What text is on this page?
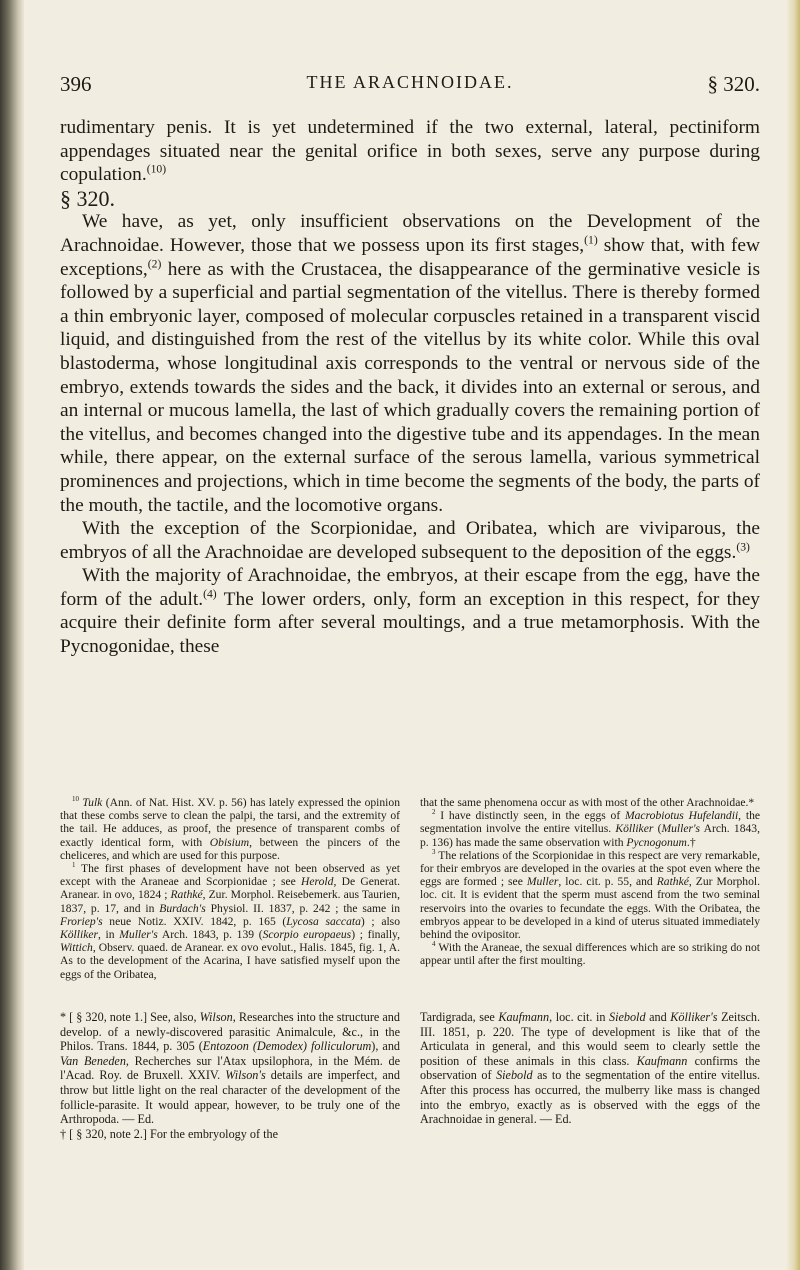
396	THE ARACHNOIDAE.	§ 320.

rudimentary penis. It is yet undetermined if the two external, lateral, pectiniform appendages situated near the genital orifice in both sexes, serve any purpose during copulation.$^{(10)}$

§ 320.

We have, as yet, only insufficient observations on the Development of the Arachnoidae. However, those that we possess upon its first stages,$^{(1)}$ show that, with few exceptions,$^{(2)}$ here as with the Crustacea, the disappearance of the germinative vesicle is followed by a superficial and partial segmentation of the vitellus. There is thereby formed a thin embryonic layer, composed of molecular corpuscles retained in a transparent viscid liquid, and distinguished from the rest of the vitellus by its white color. While this oval blastoderma, whose longitudinal axis corresponds to the ventral or nervous side of the embryo, extends towards the sides and the back, it divides into an external or serous, and an internal or mucous lamella, the last of which gradually covers the remaining portion of the vitellus, and becomes changed into the digestive tube and its appendages. In the mean while, there appear, on the external surface of the serous lamella, various symmetrical prominences and projections, which in time become the segments of the body, the parts of the mouth, the tactile, and the locomotive organs.

With the exception of the Scorpionidae, and Oribatea, which are viviparous, the embryos of all the Arachnoidae are developed subsequent to the deposition of the eggs.$^{(3)}$

With the majority of Arachnoidae, the embryos, at their escape from the egg, have the form of the adult.$^{(4)}$ The lower orders, only, form an exception in this respect, for they acquire their definite form after several moultings, and a true metamorphosis. With the Pycnogonidae, these

$^{10}$ Tulk (Ann. of Nat. Hist. XV. p. 56) has lately expressed the opinion that these combs serve to clean the palpi, the tarsi, and the extremity of the tail. He adduces, as proof, the presence of transparent combs of exactly identical form, with Obisium, between the pincers of the cheliceres, and which are used for this purpose.

$^1$ The first phases of development have not been observed as yet except with the Araneae and Scorpionidae ; see Herold, De Generat. Aranear. in ovo, 1824 ; Rathké, Zur. Morphol. Reisebemerk. aus Taurien, 1837, p. 17, and in Burdach's Physiol. II. 1837, p. 242 ; the same in Froriep's neue Notiz. XXIV. 1842, p. 165 (Lycosa saccata) ; also Kölliker, in Muller's Arch. 1843, p. 139 (Scorpio europaeus) ; finally, Wittich, Observ. quaed. de Aranear. ex ovo evolut., Halis. 1845, fig. 1, A. As to the development of the Acarina, I have satisfied myself upon the eggs of the Oribatea,

that the same phenomena occur as with most of the other Arachnoidae.*

$^2$ I have distinctly seen, in the eggs of Macrobiotus Hufelandii, the segmentation involve the entire vitellus. Kölliker (Muller's Arch. 1843, p. 136) has made the same observation with Pycnogonum.†

$^3$ The relations of the Scorpionidae in this respect are very remarkable, for their embryos are developed in the ovaries at the spot even where the eggs are formed ; see Muller, loc. cit. p. 55, and Rathké, Zur Morphol. loc. cit. It is evident that the sperm must ascend from the two seminal reservoirs into the ovaries to fecundate the eggs. With the Oribatea, the embryos appear to be developed in a kind of uterus situated immediately behind the ovipositor.

$^4$ With the Araneae, the sexual differences which are so striking do not appear until after the first moulting.

* [ § 320, note 1.] See, also, Wilson, Researches into the structure and develop. of a newly-discovered parasitic Animalcule, &c., in the Philos. Trans. 1844, p. 305 (Entozoon (Demodex) folliculorum), and Van Beneden, Recherches sur l'Atax upsilophora, in the Mém. de l'Acad. Roy. de Bruxell. XXIV. Wilson's details are imperfect, and throw but little light on the real character of the development of the follicle-parasite. It would appear, however, to be truly one of the Arthropoda. — Ed.

† [ § 320, note 2.] For the embryology of the

Tardigrada, see Kaufmann, loc. cit. in Siebold and Kölliker's Zeitsch. III. 1851, p. 220. The type of development is like that of the Articulata in general, and this would seem to clearly settle the position of these animals in this class. Kaufmann confirms the observation of Siebold as to the segmentation of the entire vitellus. After this process has occurred, the mulberry like mass is changed into the embryo, exactly as is observed with the eggs of the Arachnoidae in general. — Ed.
